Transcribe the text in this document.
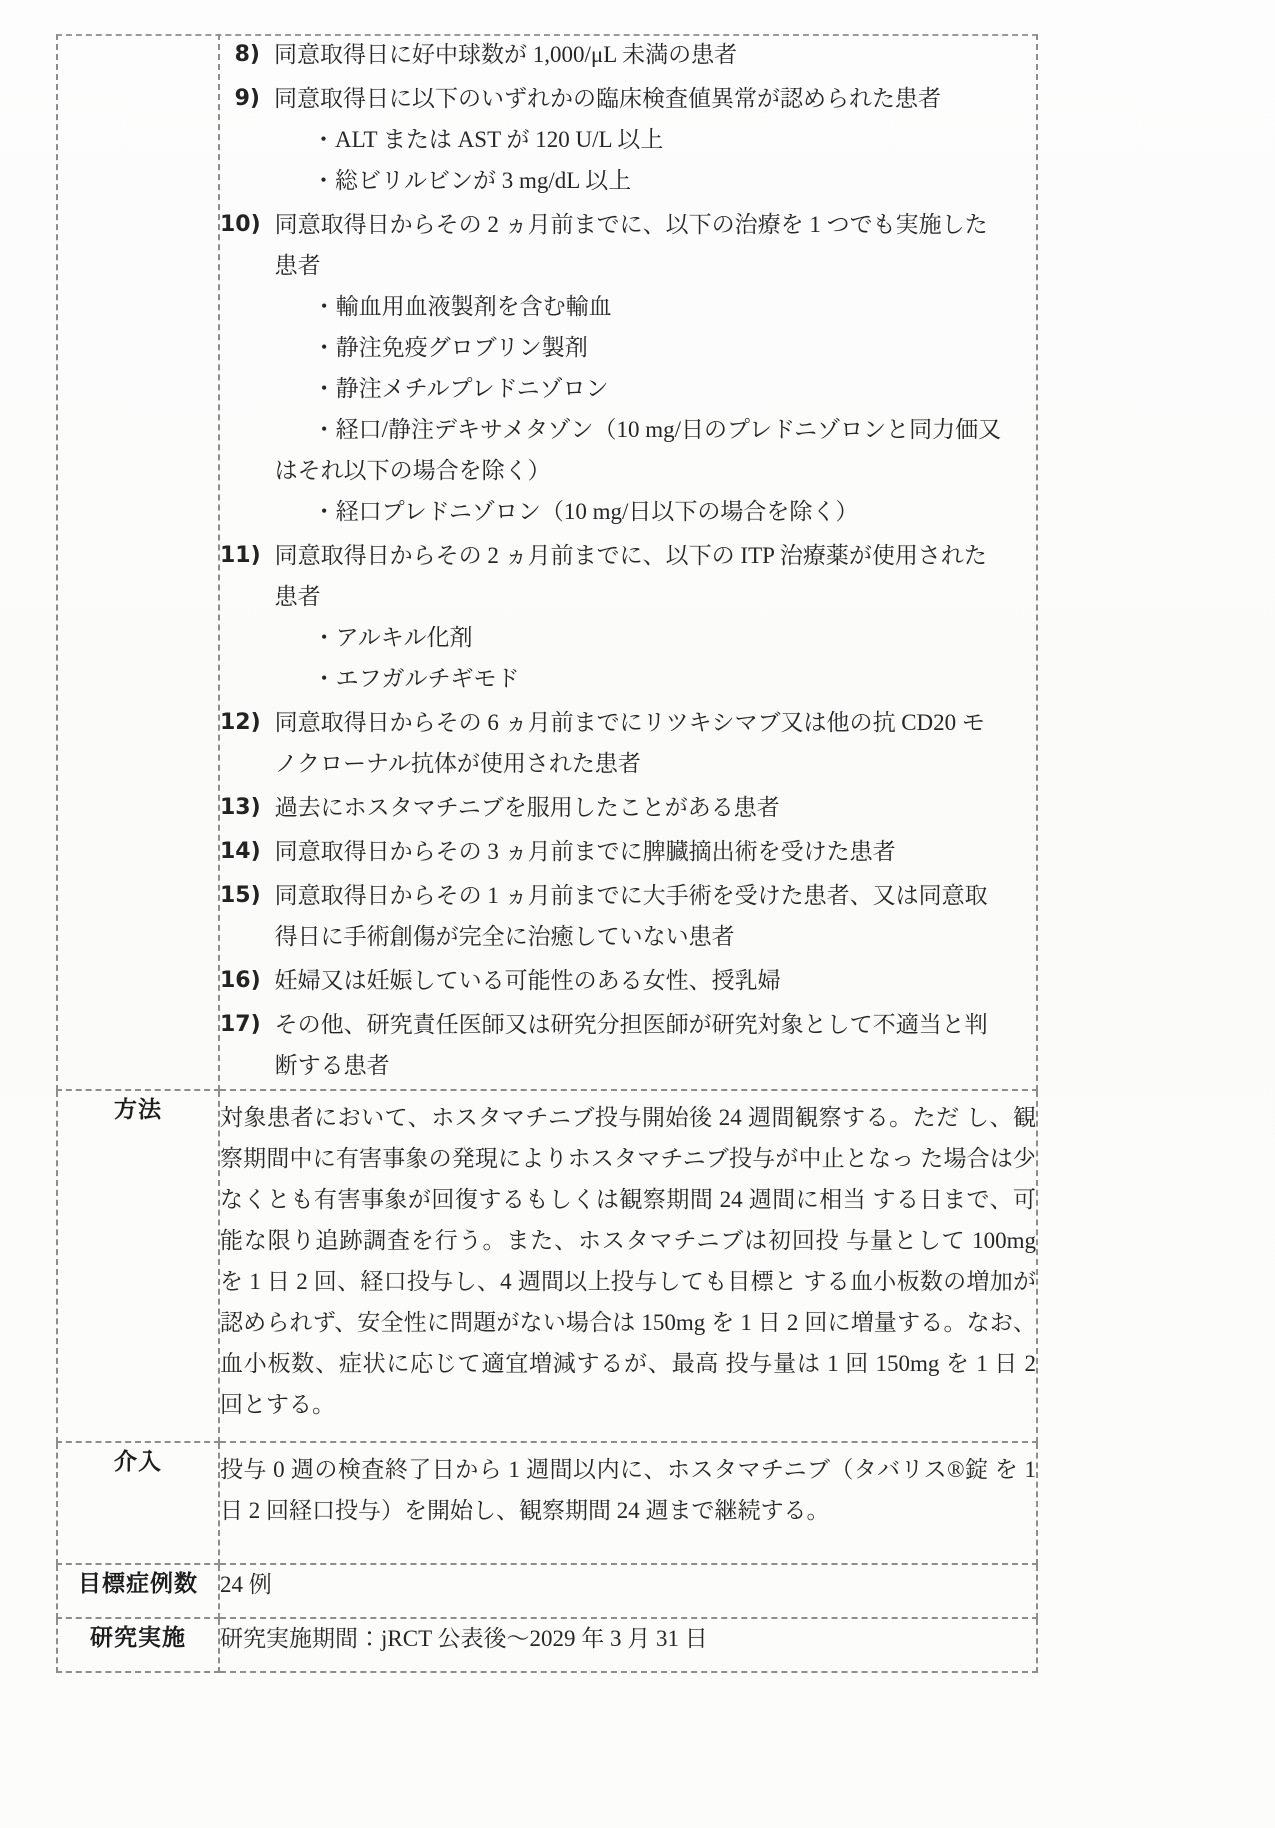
8) 同意取得日に好中球数が 1,000/μL 未満の患者
9) 同意取得日に以下のいずれかの臨床検査値異常が認められた患者
・ALT または AST が 120 U/L 以上
・総ビリルビンが 3 mg/dL 以上
10) 同意取得日からその 2 ヵ月前までに、以下の治療を 1 つでも実施した
患者
・輸血用血液製剤を含む輸血
・静注免疫グロブリン製剤
・静注メチルプレドニゾロン
・経口/静注デキサメタゾン（10 mg/日のプレドニゾロンと同力価又
はそれ以下の場合を除く）
・経口プレドニゾロン（10 mg/日以下の場合を除く）
11) 同意取得日からその 2 ヵ月前までに、以下の ITP 治療薬が使用された
患者
・アルキル化剤
・エフガルチギモド
12) 同意取得日からその 6 ヵ月前までにリツキシマブ又は他の抗 CD20 モ
ノクローナル抗体が使用された患者
13) 過去にホスタマチニブを服用したことがある患者
14) 同意取得日からその 3 ヵ月前までに脾臓摘出術を受けた患者
15) 同意取得日からその 1 ヵ月前までに大手術を受けた患者、又は同意取
得日に手術創傷が完全に治癒していない患者
16) 妊婦又は妊娠している可能性のある女性、授乳婦
17) その他、研究責任医師又は研究分担医師が研究対象として不適当と判
断する患者

方法	対象患者において、ホスタマチニブ投与開始後 24 週間観察する。ただ し、観察期間中に有害事象の発現によりホスタマチニブ投与が中止となっ た場合は少なくとも有害事象が回復するもしくは観察期間 24 週間に相当 する日まで、可能な限り追跡調査を行う。また、ホスタマチニブは初回投 与量として 100mg を 1 日 2 回、経口投与し、4 週間以上投与しても目標と する血小板数の増加が認められず、安全性に問題がない場合は 150mg を 1 日 2 回に増量する。なお、血小板数、症状に応じて適宜増減するが、最高 投与量は 1 回 150mg を 1 日 2 回とする。

介入	投与 0 週の検査終了日から 1 週間以内に、ホスタマチニブ（タバリス®錠 を 1 日 2 回経口投与）を開始し、観察期間 24 週まで継続する。

目標症例数	24 例

研究実施	研究実施期間：jRCT 公表後～2029 年 3 月 31 日
